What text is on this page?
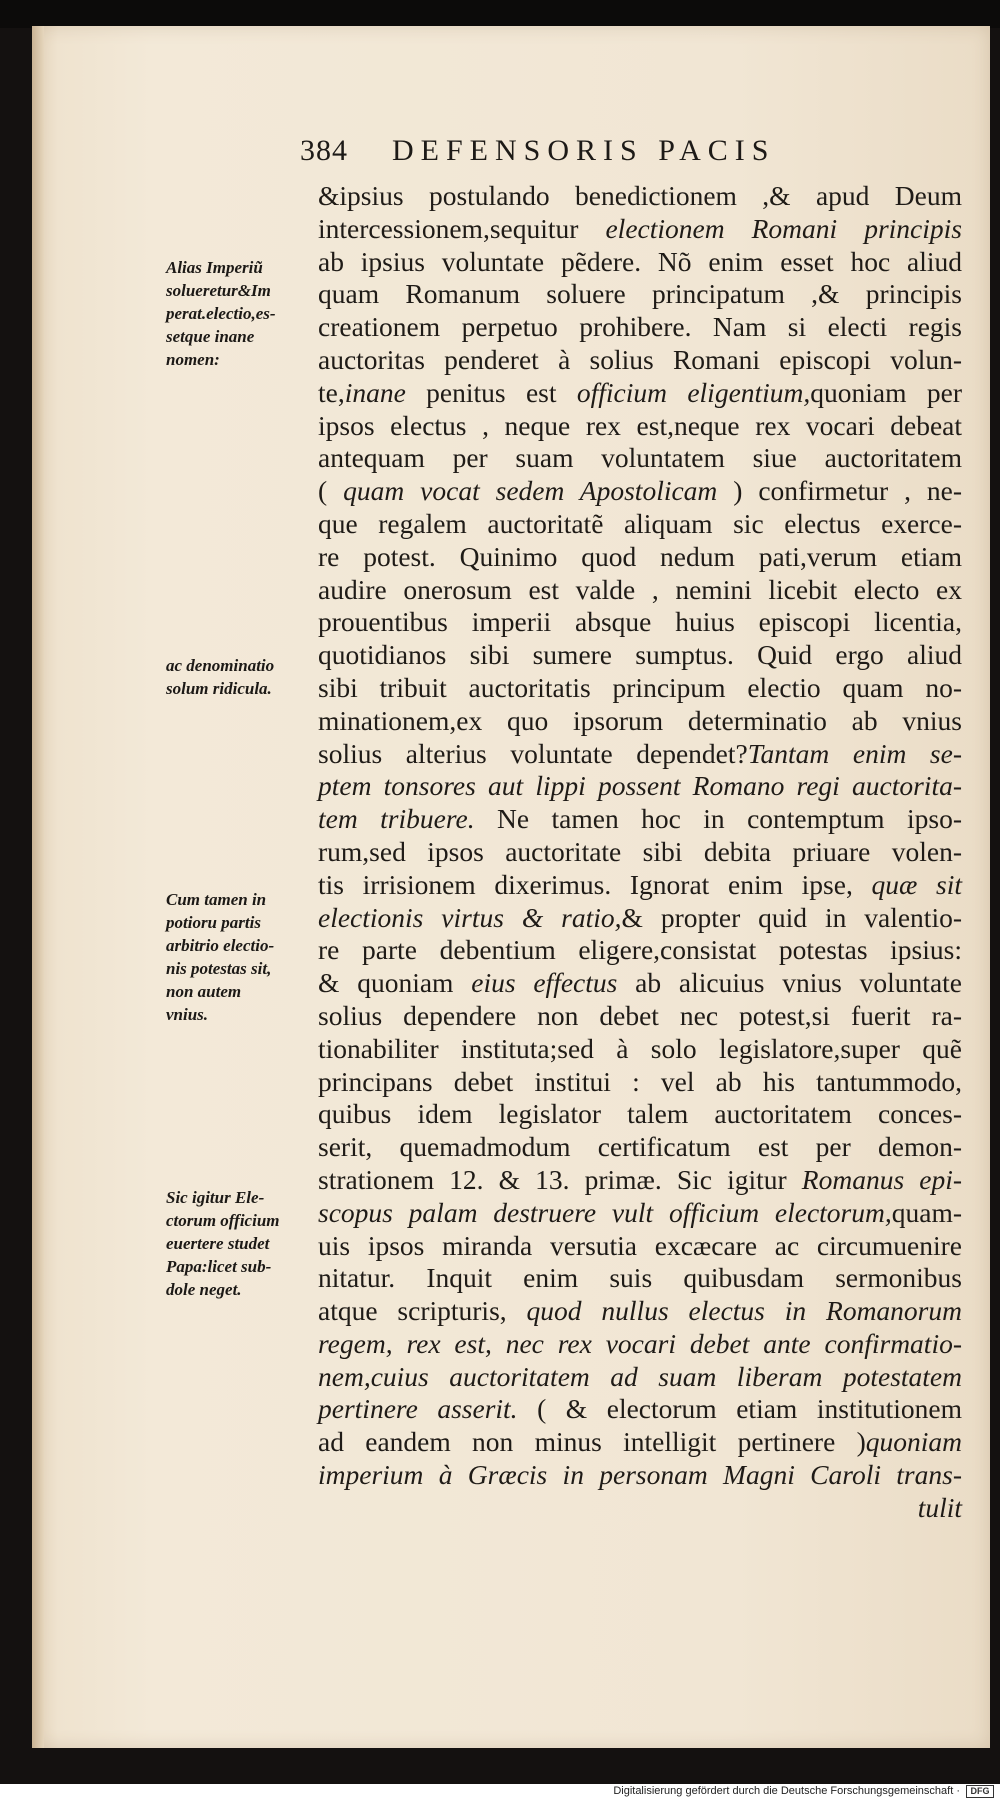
384 DEFENSORIS PACIS
&ipsius postulando benedictionem ,& apud Deum
intercessionem,sequitur electionem Romani principis
ab ipsius voluntate pẽdere. Nõ enim esset hoc aliud
quam Romanum soluere principatum ,& principis
creationem perpetuo prohibere. Nam si electi regis
auctoritas penderet à solius Romani episcopi volun-
te,inane penitus est officium eligentium,quoniam per
ipsos electus , neque rex est,neque rex vocari debeat
antequam per suam voluntatem siue auctoritatem
( quam vocat sedem Apostolicam ) confirmetur , ne-
que regalem auctoritatẽ aliquam sic electus exerce-
re potest. Quinimo quod nedum pati,verum etiam
audire onerosum est valde , nemini licebit electo ex
prouentibus imperii absque huius episcopi licentia,
quotidianos sibi sumere sumptus. Quid ergo aliud
sibi tribuit auctoritatis principum electio quam no-
minationem,ex quo ipsorum determinatio ab vnius
solius alterius voluntate dependet?Tantam enim se-
ptem tonsores aut lippi possent Romano regi auctorita-
tem tribuere. Ne tamen hoc in contemptum ipso-
rum,sed ipsos auctoritate sibi debita priuare volen-
tis irrisionem dixerimus. Ignorat enim ipse, quæ sit
electionis virtus & ratio,& propter quid in valentio-
re parte debentium eligere,consistat potestas ipsius:
& quoniam eius effectus ab alicuius vnius voluntate
solius dependere non debet nec potest,si fuerit ra-
tionabiliter instituta;sed à solo legislatore,super quẽ
principans debet institui : vel ab his tantummodo,
quibus idem legislator talem auctoritatem conces-
serit, quemadmodum certificatum est per demon-
strationem 12. & 13. primæ. Sic igitur Romanus epi-
scopus palam destruere vult officium electorum,quam-
uis ipsos miranda versutia excæcare ac circumuenire
nitatur. Inquit enim suis quibusdam sermonibus
atque scripturis, quod nullus electus in Romanorum
regem, rex est, nec rex vocari debet ante confirmatio-
nem,cuius auctoritatem ad suam liberam potestatem
pertinere asserit. ( & electorum etiam institutionem
ad eandem non minus intelligit pertinere )quoniam
imperium à Græcis in personam Magni Caroli trans-
tulit
Alias Imperiũ
solueretur&Im
perat.electio,es-
setque inane
nomen:
ac denominatio
solum ridicula.
Cum tamen in
potioru partis
arbitrio electio-
nis potestas sit,
non autem
vnius.
Sic igitur Ele-
ctorum officium
euertere studet
Papa:licet sub-
dole neget.
Digitalisierung gefördert durch die Deutsche Forschungsgemeinschaft ·	DFG
